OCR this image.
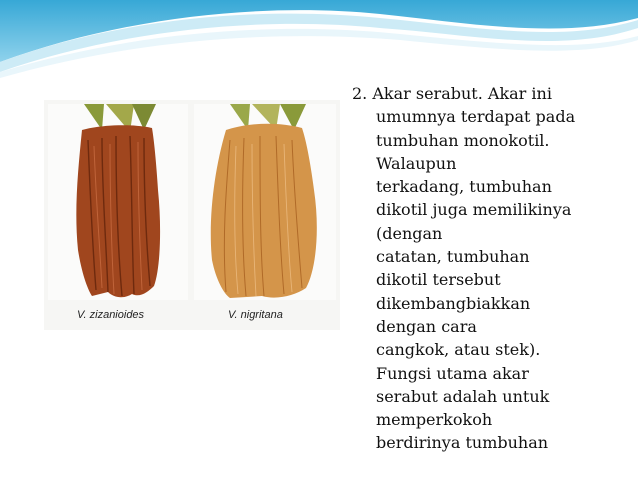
V. zizanioides	V. nigritana
2. Akar serabut. Akar ini
umumnya terdapat pada
tumbuhan monokotil.
Walaupun
terkadang, tumbuhan
dikotil juga memilikinya
(dengan
catatan, tumbuhan
dikotil tersebut
dikembangbiakkan
dengan cara
cangkok, atau stek).
Fungsi utama akar
serabut adalah untuk
memperkokoh
berdirinya tumbuhan
